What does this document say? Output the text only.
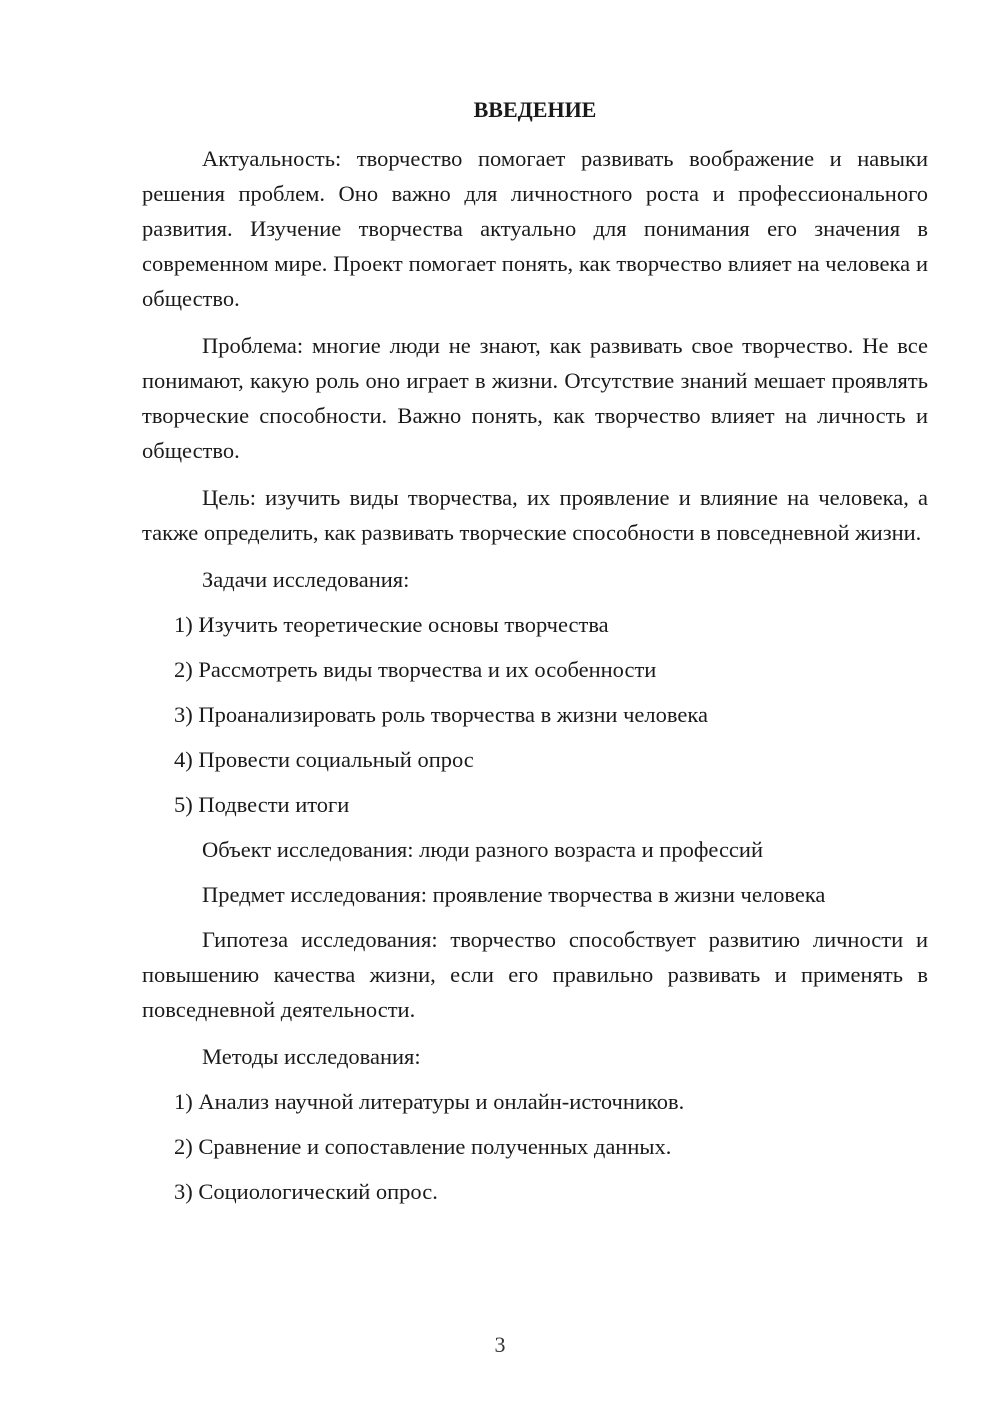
ВВЕДЕНИЕ

Актуальность: творчество помогает развивать воображение и навыки решения проблем. Оно важно для личностного роста и профессионального развития. Изучение творчества актуально для понимания его значения в современном мире. Проект помогает понять, как творчество влияет на человека и общество.

Проблема: многие люди не знают, как развивать свое творчество. Не все понимают, какую роль оно играет в жизни. Отсутствие знаний мешает проявлять творческие способности. Важно понять, как творчество влияет на личность и общество.

Цель: изучить виды творчества, их проявление и влияние на человека, а также определить, как развивать творческие способности в повседневной жизни.

Задачи исследования:

1) Изучить теоретические основы творчества

2) Рассмотреть виды творчества и их особенности

3) Проанализировать роль творчества в жизни человека

4) Провести социальный опрос

5) Подвести итоги

Объект исследования: люди разного возраста и профессий

Предмет исследования: проявление творчества в жизни человека

Гипотеза исследования: творчество способствует развитию личности и повышению качества жизни, если его правильно развивать и применять в повседневной деятельности.

Методы исследования:

1) Анализ научной литературы и онлайн-источников.

2) Сравнение и сопоставление полученных данных.

3) Социологический опрос.

3
